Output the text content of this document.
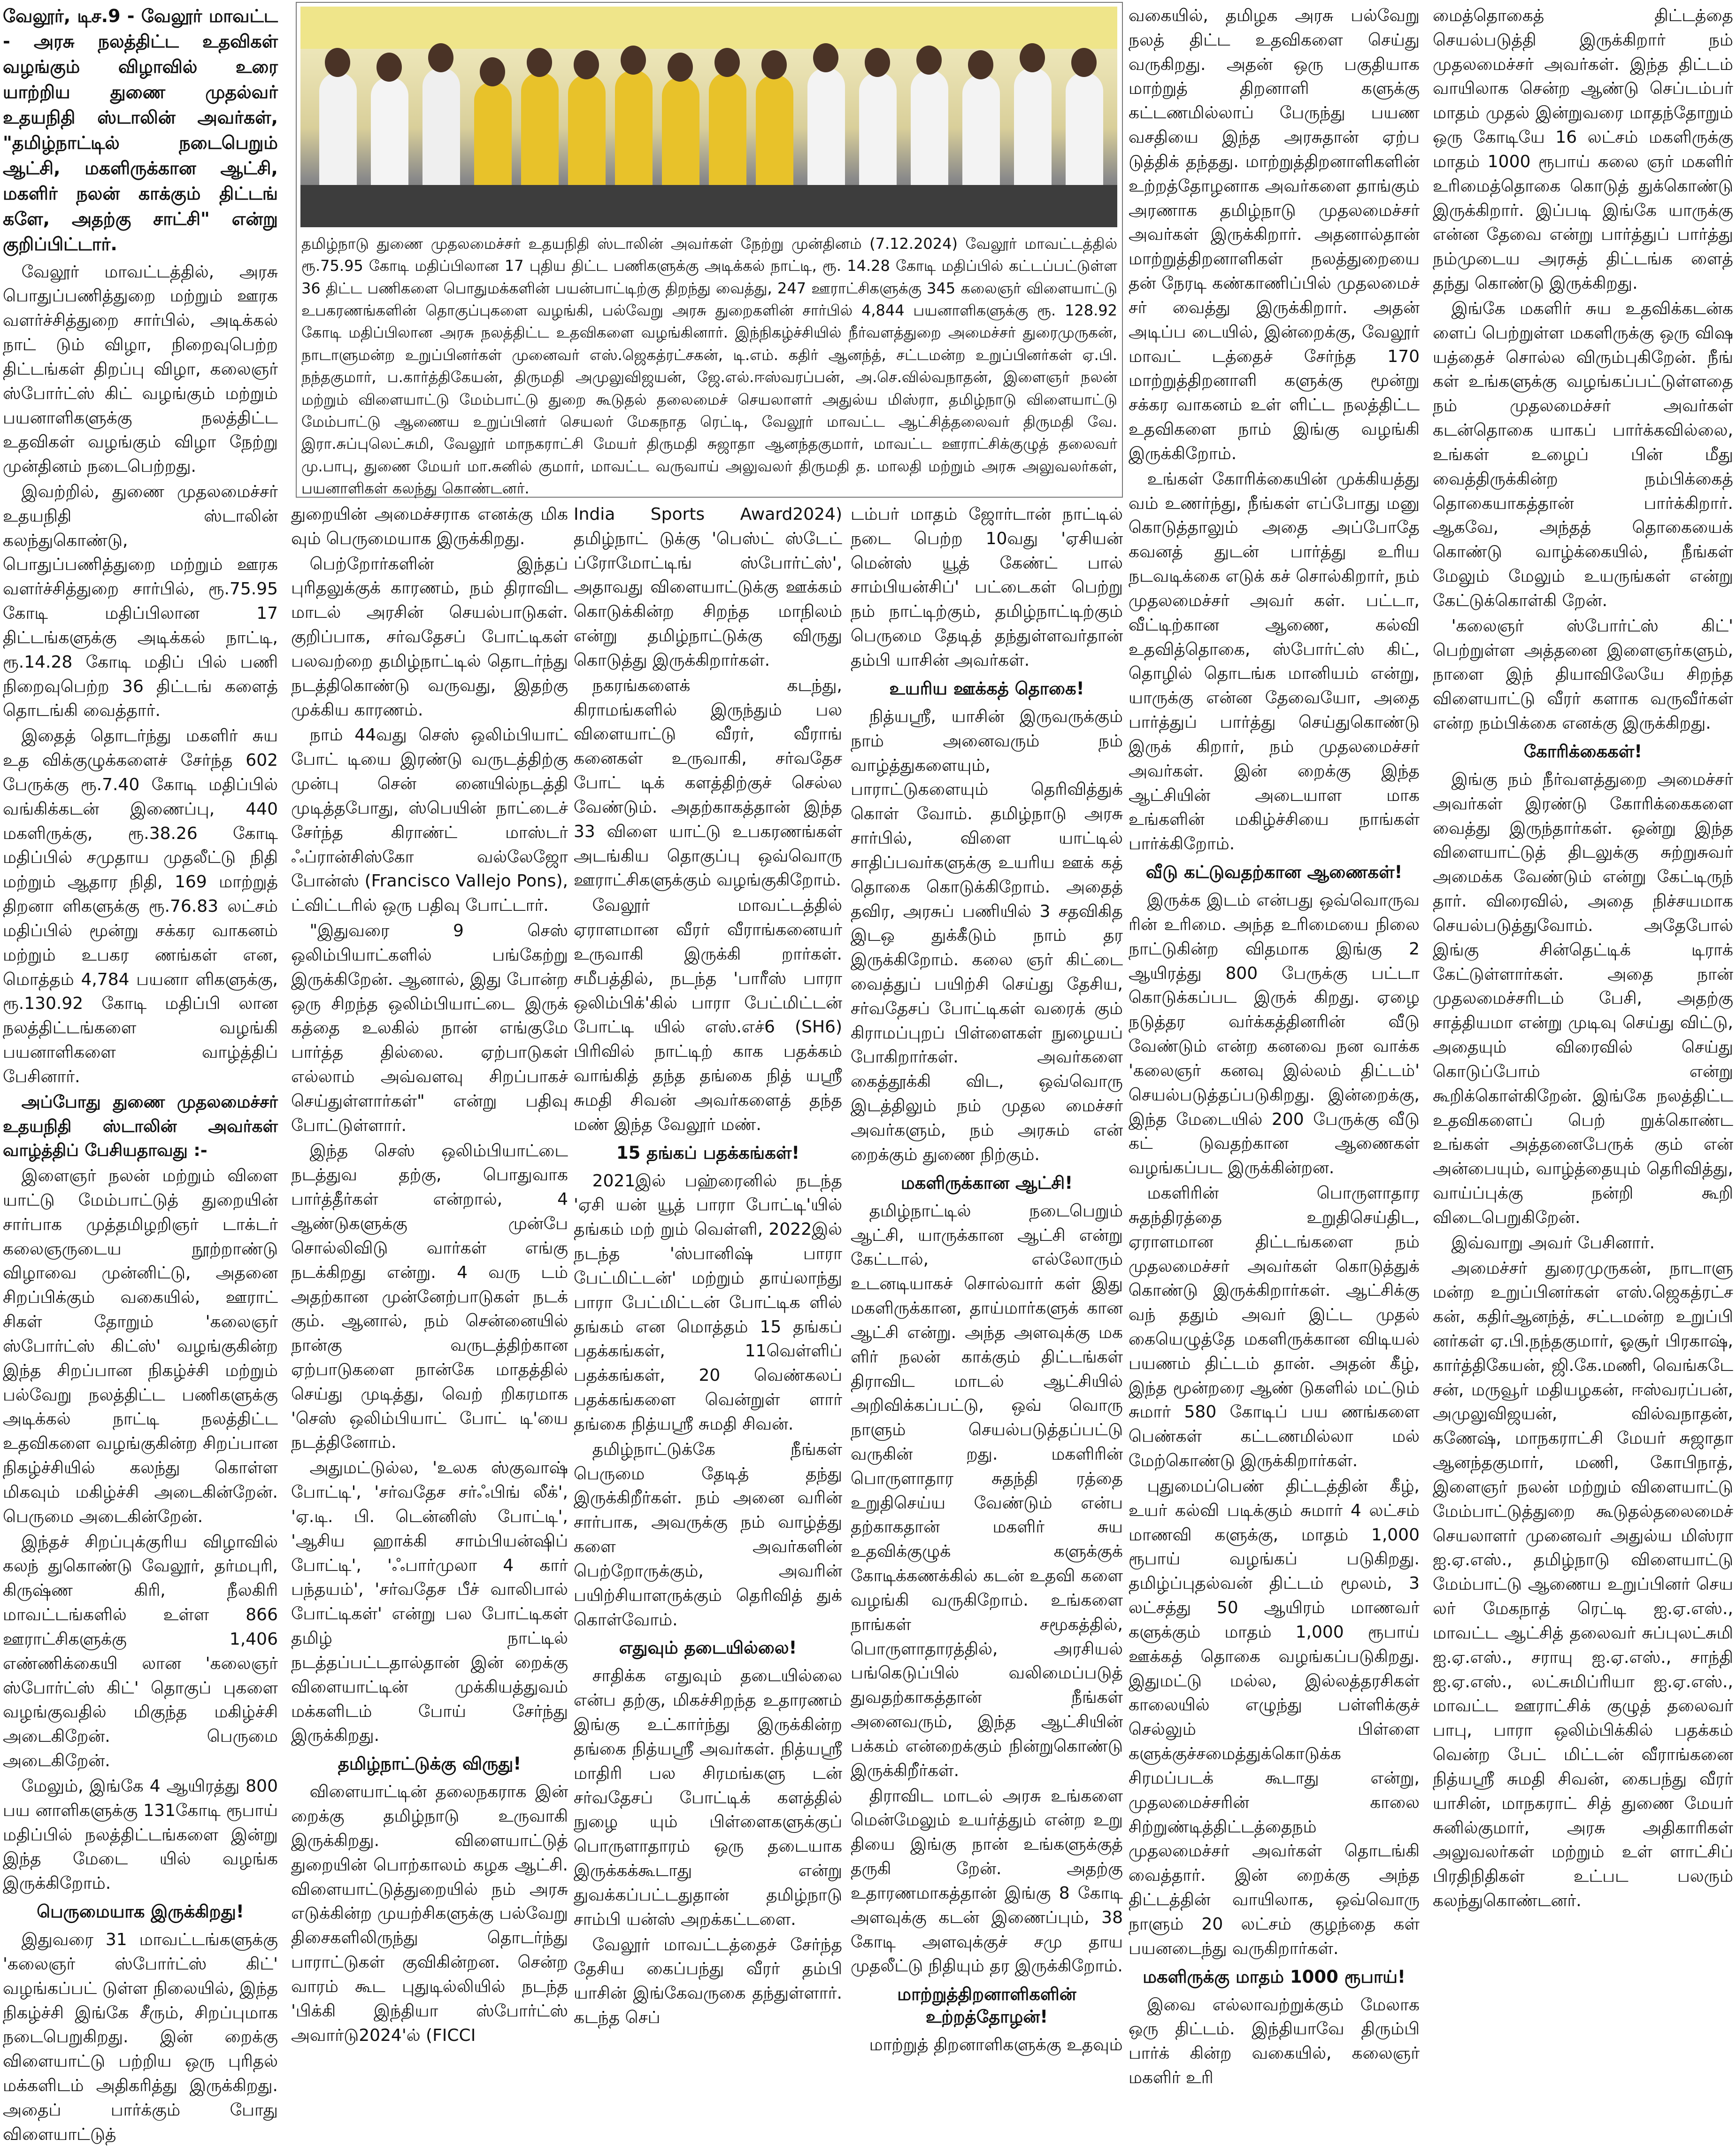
வேலூர், டிச.9 - வேலூர் மாவட்ட - அரசு நலத்திட்ட உதவிகள் வழங்கும் விழாவில் உரை யாற்றிய துணை முதல்வர் உதயநிதி ஸ்டாலின் அவர்கள், "தமிழ்நாட்டில் நடைபெறும் ஆட்சி, மகளிருக்கான ஆட்சி, மகளிர் நலன் காக்கும் திட்டங் களே, அதற்கு சாட்சி" என்று குறிப்பிட்டார்.

வேலூர் மாவட்டத்தில், அரசு பொதுப்பணித்துறை மற்றும் ஊரக வளர்ச்சித்துறை சார்பில், அடிக்கல் நாட் டும் விழா, நிறைவுபெற்ற திட்டங்கள் திறப்பு விழா, கலைஞர் ஸ்போர்ட்ஸ் கிட் வழங்கும் மற்றும் பயனாளிகளுக்கு நலத்திட்ட உதவிகள் வழங்கும் விழா நேற்று முன்தினம் நடைபெற்றது.

இவற்றில், துணை முதலமைச்சர் உதயநிதி ஸ்டாலின் கலந்துகொண்டு, பொதுப்பணித்துறை மற்றும் ஊரக வளர்ச்சித்துறை சார்பில், ரூ.75.95 கோடி மதிப்பிலான 17 திட்டங்களுக்கு அடிக்கல் நாட்டி, ரூ.14.28 கோடி மதிப் பில் பணி நிறைவுபெற்ற 36 திட்டங் களைத் தொடங்கி வைத்தார்.

இதைத் தொடர்ந்து மகளிர் சுய உத விக்குழுக்களைச் சேர்ந்த 602 பேருக்கு ரூ.7.40 கோடி மதிப்பில் வங்கிக்கடன் இணைப்பு, 440 மகளிருக்கு, ரூ.38.26 கோடி மதிப்பில் சமுதாய முதலீட்டு நிதி மற்றும் ஆதார நிதி, 169 மாற்றுத் திறனா ளிகளுக்கு ரூ.76.83 லட்சம் மதிப்பில் மூன்று சக்கர வாகனம் மற்றும் உபகர ணங்கள் என, மொத்தம் 4,784 பயனா ளிகளுக்கு, ரூ.130.92 கோடி மதிப்பி லான நலத்திட்டங்களை வழங்கி பயனாளிகளை வாழ்த்திப் பேசினார்.

அப்போது துணை முதலமைச்சர் உதயநிதி ஸ்டாலின் அவர்கள் வாழ்த்திப் பேசியதாவது :-

இளைஞர் நலன் மற்றும் விளை யாட்டு மேம்பாட்டுத் துறையின் சார்பாக முத்தமிழறிஞர் டாக்டர் கலைஞருடைய நூற்றாண்டு விழாவை முன்னிட்டு, அதனை சிறப்பிக்கும் வகையில், ஊராட் சிகள் தோறும் 'கலைஞர் ஸ்போர்ட்ஸ் கிட்ஸ்' வழங்குகின்ற இந்த சிறப்பான நிகழ்ச்சி மற்றும் பல்வேறு நலத்திட்ட பணிகளுக்கு அடிக்கல் நாட்டி நலத்திட்ட உதவிகளை வழங்குகின்ற சிறப்பான நிகழ்ச்சியில் கலந்து கொள்ள மிகவும் மகிழ்ச்சி அடைகின்றேன். பெருமை அடைகின்றேன்.

இந்தச் சிறப்புக்குரிய விழாவில் கலந் துகொண்டு வேலூர், தர்மபுரி, கிருஷ்ண கிரி, நீலகிரி மாவட்டங்களில் உள்ள 866 ஊராட்சிகளுக்கு 1,406 எண்ணிக்கையி லான 'கலைஞர் ஸ்போர்ட்ஸ் கிட்' தொகுப் புகளை வழங்குவதில் மிகுந்த மகிழ்ச்சி அடைகிறேன். பெருமை அடைகிறேன்.

மேலும், இங்கே 4 ஆயிரத்து 800 பய னாளிகளுக்கு 131கோடி ரூபாய் மதிப்பில் நலத்திட்டங்களை இன்று இந்த மேடை யில் வழங்க இருக்கிறோம்.

பெருமையாக இருக்கிறது!

இதுவரை 31 மாவட்டங்களுக்கு 'கலைஞர் ஸ்போர்ட்ஸ் கிட்' வழங்கப்பட் டுள்ள நிலையில், இந்த நிகழ்ச்சி இங்கே சீரும், சிறப்புமாக நடைபெறுகிறது. இன் றைக்கு விளையாட்டு பற்றிய ஒரு புரிதல் மக்களிடம் அதிகரித்து இருக்கிறது. அதைப் பார்க்கும் போது விளையாட்டுத்

தமிழ்நாடு துணை முதலமைச்சர் உதயநிதி ஸ்டாலின் அவர்கள் நேற்று முன்தினம் (7.12.2024) வேலூர் மாவட்டத்தில் ரூ.75.95 கோடி மதிப்பிலான 17 புதிய திட்ட பணிகளுக்கு அடிக்கல் நாட்டி, ரூ. 14.28 கோடி மதிப்பில் கட்டப்பட்டுள்ள 36 திட்ட பணிகளை பொதுமக்களின் பயன்பாட்டிற்கு திறந்து வைத்து, 247 ஊராட்சிகளுக்கு 345 கலைஞர் விளையாட்டு உபகரணங்களின் தொகுப்புகளை வழங்கி, பல்வேறு அரசு துறைகளின் சார்பில் 4,844 பயனாளிகளுக்கு ரூ. 128.92 கோடி மதிப்பிலான அரசு நலத்திட்ட உதவிகளை வழங்கினார். இந்நிகழ்ச்சியில் நீர்வளத்துறை அமைச்சர் துரைமுருகன், நாடாளுமன்ற உறுப்பினர்கள் முனைவர் எஸ்.ஜெகத்ரட்சகன், டி.எம். கதிர் ஆனந்த், சட்டமன்ற உறுப்பினர்கள் ஏ.பி. நந்தகுமார், ப.கார்த்திகேயன், திருமதி அமுலுவிஜயன், ஜே.எல்.ஈஸ்வரப்பன், அ.செ.வில்வநாதன், இளைஞர் நலன் மற்றும் விளையாட்டு மேம்பாட்டு துறை கூடுதல் தலைமைச் செயலாளர் அதுல்ய மிஸ்ரா, தமிழ்நாடு விளையாட்டு மேம்பாட்டு ஆணைய உறுப்பினர் செயலர் மேகநாத ரெட்டி, வேலூர் மாவட்ட ஆட்சித்தலைவர் திருமதி வே. இரா.சுப்புலெட்சுமி, வேலூர் மாநகராட்சி மேயர் திருமதி சுஜாதா ஆனந்தகுமார், மாவட்ட ஊராட்சிக்குழுத் தலைவர் மு.பாபு, துணை மேயர் மா.சுனில் குமார், மாவட்ட வருவாய் அலுவலர் திருமதி த. மாலதி மற்றும் அரசு அலுவலர்கள், பயனாளிகள் கலந்து கொண்டனர்.

துறையின் அமைச்சராக எனக்கு மிக வும் பெருமையாக இருக்கிறது.

பெற்றோர்களின் இந்தப் புரிதலுக்குக் காரணம், நம் திராவிட மாடல் அரசின் செயல்பாடுகள். குறிப்பாக, சர்வதேசப் போட்டிகள் பலவற்றை தமிழ்நாட்டில் தொடர்ந்து நடத்திகொண்டு வருவது, இதற்கு முக்கிய காரணம்.

நாம் 44வது செஸ் ஒலிம்பியாட் போட் டியை இரண்டு வருடத்திற்கு முன்பு சென் னையில்நடத்தி முடித்தபோது, ஸ்பெயின் நாட்டைச் சேர்ந்த கிராண்ட் மாஸ்டர் ஃப்ரான்சிஸ்கோ வல்லேஜோ போன்ஸ் (Francisco Vallejo Pons), ட்விட்டரில் ஒரு பதிவு போட்டார்.

"இதுவரை 9 செஸ் ஒலிம்பியாட்களில் பங்கேற்று இருக்கிறேன். ஆனால், இது போன்ற ஒரு சிறந்த ஒலிம்பியாட்டை இருக் கத்தை உலகில் நான் எங்குமே பார்த்த தில்லை. ஏற்பாடுகள் எல்லாம் அவ்வளவு சிறப்பாகச் செய்துள்ளார்கள்" என்று பதிவு போட்டுள்ளார்.

இந்த செஸ் ஒலிம்பியாட்டை நடத்துவ தற்கு, பொதுவாக பார்த்தீர்கள் என்றால், 4 ஆண்டுகளுக்கு முன்பே சொல்லிவிடு வார்கள் எங்கு நடக்கிறது என்று. 4 வரு டம் அதற்கான முன்னேற்பாடுகள் நடக் கும். ஆனால், நம் சென்னையில் நான்கு வருடத்திற்கான ஏற்பாடுகளை நான்கே மாதத்தில் செய்து முடித்து, வெற் றிகரமாக 'செஸ் ஒலிம்பியாட் போட் டி'யை நடத்தினோம்.

அதுமட்டுல்ல, 'உலக ஸ்குவாஷ் போட்டி', 'சர்வதேச சர்ஃபிங் லீக்', 'ஏ.டி. பி. டென்னிஸ் போட்டி', 'ஆசிய ஹாக்கி சாம்பியன்ஷிப் போட்டி', 'ஃபார்முலா 4 கார் பந்தயம்', 'சர்வதேச பீச் வாலிபால் போட்டிகள்' என்று பல போட்டிகள் தமிழ் நாட்டில் நடத்தப்பட்டதால்தான் இன் றைக்கு விளையாட்டின் முக்கியத்துவம் மக்களிடம் போய் சேர்ந்து இருக்கிறது.

தமிழ்நாட்டுக்கு விருது!

விளையாட்டின் தலைநகராக இன் றைக்கு தமிழ்நாடு உருவாகி இருக்கிறது. விளையாட்டுத் துறையின் பொற்காலம் கழக ஆட்சி. விளையாட்டுத்துறையில் நம் அரசு எடுக்கின்ற முயற்சிகளுக்கு பல்வேறு திசைகளிலிருந்து தொடர்ந்து பாராட்டுகள் குவிகின்றன. சென்ற வாரம் கூட புதுடில்லியில் நடந்த 'பிக்கி இந்தியா ஸ்போர்ட்ஸ் அவார்டு2024'ல் (FICCI

India Sports Award2024) தமிழ்நாட் டுக்கு 'பெஸ்ட் ஸ்டேட் ப்ரோமோட்டிங் ஸ்போர்ட்ஸ்', அதாவது விளையாட்டுக்கு ஊக்கம் கொடுக்கின்ற சிறந்த மாநிலம் என்று தமிழ்நாட்டுக்கு விருது கொடுத்து இருக்கிறார்கள்.

நகரங்களைக் கடந்து, கிராமங்களில் இருந்தும் பல விளையாட்டு வீரர், வீராங் கனைகள் உருவாகி, சர்வதேச போட் டிக் களத்திற்குச் செல்ல வேண்டும். அதற்காகத்தான் இந்த 33 விளை யாட்டு உபகரணங்கள் அடங்கிய தொகுப்பு ஒவ்வொரு ஊராட்சிகளுக்கும் வழங்குகிறோம்.

வேலூர் மாவட்டத்தில் ஏராளமான வீரர் வீராங்கனையர் உருவாகி இருக்கி றார்கள். சமீபத்தில், நடந்த 'பாரீஸ் பாரா ஒலிம்பிக்'கில் பாரா பேட்மிட்டன் போட்டி யில் எஸ்.எச்6 (SH6) பிரிவில் நாட்டிற் காக பதக்கம் வாங்கித் தந்த தங்கை நித் யஸ்ரீ சுமதி சிவன் அவர்களைத் தந்த மண் இந்த வேலூர் மண்.

15 தங்கப் பதக்கங்கள்!

2021இல் பஹ்ரைனில் நடந்த 'ஏசி யன் யூத் பாரா போட்டி'யில் தங்கம் மற் றும் வெள்ளி, 2022இல் நடந்த 'ஸ்பானிஷ் பாரா பேட்மிட்டன்' மற்றும் தாய்லாந்து பாரா பேட்மிட்டன் போட்டிக ளில் தங்கம் என மொத்தம் 15 தங்கப் பதக்கங்கள், 11வெள்ளிப் பதக்கங்கள், 20 வெண்கலப் பதக்கங்களை வென்றுள் ளார் தங்கை நித்யஸ்ரீ சுமதி சிவன்.

தமிழ்நாட்டுக்கே நீங்கள் பெருமை தேடித் தந்து இருக்கிறீர்கள். நம் அனை வரின் சார்பாக, அவருக்கு நம் வாழ்த்து களை அவர்களின் பெற்றோருக்கும், அவரின் பயிற்சியாளருக்கும் தெரிவித் துக் கொள்வோம்.

எதுவும் தடையில்லை!

சாதிக்க எதுவும் தடையில்லை என்ப தற்கு, மிகச்சிறந்த உதாரணம் இங்கு உட்கார்ந்து இருக்கின்ற தங்கை நித்யஸ்ரீ அவர்கள். நித்யஸ்ரீ மாதிரி பல சிரமங்களு டன் சர்வதேசப் போட்டிக் களத்தில் நுழை யும் பிள்ளைகளுக்குப் பொருளாதாரம் ஒரு தடையாக இருக்கக்கூடாது என்று துவக்கப்பட்டதுதான் தமிழ்நாடு சாம்பி யன்ஸ் அறக்கட்டளை.

வேலூர் மாவட்டத்தைச் சேர்ந்த தேசிய கைப்பந்து வீரர் தம்பி யாசின் இங்கேவருகை தந்துள்ளார். கடந்த செப்

டம்பர் மாதம் ஜோர்டான் நாட்டில் நடை பெற்ற 10வது 'ஏசியன் மென்ஸ் யூத் கேண்ட் பால் சாம்பியன்சிப்' பட்டைகள் பெற்று நம் நாட்டிற்கும், தமிழ்நாட்டிற்கும் பெருமை தேடித் தந்துள்ளவர்தான் தம்பி யாசின் அவர்கள்.

உயரிய ஊக்கத் தொகை!

நித்யஸ்ரீ, யாசின் இருவருக்கும் நாம் அனைவரும் நம் வாழ்த்துகளையும், பாராட்டுகளையும் தெரிவித்துக் கொள் வோம். தமிழ்நாடு அரசு சார்பில், விளை யாட்டில் சாதிப்பவர்களுக்கு உயரிய ஊக் கத் தொகை கொடுக்கிறோம். அதைத் தவிர, அரசுப் பணியில் 3 சதவிகித இடஒ துக்கீடும் நாம் தர இருக்கிறோம். கலை ஞர் கிட்டை வைத்துப் பயிற்சி செய்து தேசிய, சர்வதேசப் போட்டிகள் வரைக் கும் கிராமப்புறப் பிள்ளைகள் நுழையப் போகிறார்கள். அவர்களை கைத்தூக்கி விட, ஒவ்வொரு இடத்திலும் நம் முதல மைச்சர் அவர்களும், நம் அரசும் என் றைக்கும் துணை நிற்கும்.

மகளிருக்கான ஆட்சி!

தமிழ்நாட்டில் நடைபெறும் ஆட்சி, யாருக்கான ஆட்சி என்று கேட்டால், எல்லோரும் உடனடியாகச் சொல்வார் கள் இது மகளிருக்கான, தாய்மார்களுக் கான ஆட்சி என்று. அந்த அளவுக்கு மக ளிர் நலன் காக்கும் திட்டங்கள் திராவிட மாடல் ஆட்சியில் அறிவிக்கப்பட்டு, ஒவ் வொரு நாளும் செயல்படுத்தப்பட்டு வருகின் றது. மகளிரின் பொருளாதார சுதந்தி ரத்தை உறுதிசெய்ய வேண்டும் என்ப தற்காகதான் மகளிர் சுய உதவிக்குழுக் களுக்குக் கோடிக்கணக்கில் கடன் உதவி களை வழங்கி வருகிறோம். உங்களை நாங்கள் சமூகத்தில், பொருளாதாரத்தில், அரசியல் பங்கெடுப்பில் வலிமைப்படுத் துவதற்காகத்தான் நீங்கள் அனைவரும், இந்த ஆட்சியின் பக்கம் என்றைக்கும் நின்றுகொண்டு இருக்கிறீர்கள்.

திராவிட மாடல் அரசு உங்களை மென்மேலும் உயர்த்தும் என்ற உறு தியை இங்கு நான் உங்களுக்குத் தருகி றேன். அதற்கு உதாரணமாகத்தான் இங்கு 8 கோடி அளவுக்கு கடன் இணைப்பும், 38 கோடி அளவுக்குச் சமு தாய முதலீட்டு நிதியும் தர இருக்கிறோம்.

மாற்றுத்திறனாளிகளின் உற்றத்தோழன்!

மாற்றுத் திறனாளிகளுக்கு உதவும்

வகையில், தமிழக அரசு பல்வேறு நலத் திட்ட உதவிகளை செய்து வருகிறது. அதன் ஒரு பகுதியாக மாற்றுத் திறனாளி களுக்கு கட்டணமில்லாப் பேருந்து பயண வசதியை இந்த அரசுதான் ஏற்ப டுத்திக் தந்தது. மாற்றுத்திறனாளிகளின் உற்றத்தோழனாக அவர்களை தாங்கும் அரணாக தமிழ்நாடு முதலமைச்சர் அவர்கள் இருக்கிறார். அதனால்தான் மாற்றுத்திறனாளிகள் நலத்துறையை தன் நேரடி கண்காணிப்பில் முதலமைச் சர் வைத்து இருக்கிறார். அதன் அடிப்ப டையில், இன்றைக்கு, வேலூர் மாவட் டத்தைச் சேர்ந்த 170 மாற்றுத்திறனாளி களுக்கு மூன்று சக்கர வாகனம் உள் ளிட்ட நலத்திட்ட உதவிகளை நாம் இங்கு வழங்கி இருக்கிறோம்.

உங்கள் கோரிக்கையின் முக்கியத்து வம் உணர்ந்து, நீங்கள் எப்போது மனு கொடுத்தாலும் அதை அப்போதே கவனத் துடன் பார்த்து உரிய நடவடிக்கை எடுக் கச் சொல்கிறார், நம் முதலமைச்சர் அவர் கள். பட்டா, வீட்டிற்கான ஆணை, கல்வி உதவித்தொகை, ஸ்போர்ட்ஸ் கிட், தொழில் தொடங்க மானியம் என்று, யாருக்கு என்ன தேவையோ, அதை பார்த்துப் பார்த்து செய்துகொண்டு இருக் கிறார், நம் முதலமைச்சர் அவர்கள். இன் றைக்கு இந்த ஆட்சியின் அடையாள மாக உங்களின் மகிழ்ச்சியை நாங்கள் பார்க்கிறோம்.

வீடு கட்டுவதற்கான ஆணைகள்!

இருக்க இடம் என்பது ஒவ்வொருவ ரின் உரிமை. அந்த உரிமையை நிலை நாட்டுகின்ற விதமாக இங்கு 2 ஆயிரத்து 800 பேருக்கு பட்டா கொடுக்கப்பட இருக் கிறது. ஏழை நடுத்தர வர்க்கத்தினரின் வீடு வேண்டும் என்ற கனவை நன வாக்க 'கலைஞர் கனவு இல்லம் திட்டம்' செயல்படுத்தப்படுகிறது. இன்றைக்கு, இந்த மேடையில் 200 பேருக்கு வீடு கட் டுவதற்கான ஆணைகள் வழங்கப்பட இருக்கின்றன.

மகளிரின் பொருளாதார சுதந்திரத்தை உறுதிசெய்திட, ஏராளமான திட்டங்களை நம் முதலமைச்சர் அவர்கள் கொடுத்துக் கொண்டு இருக்கிறார்கள். ஆட்சிக்கு வந் ததும் அவர் இட்ட முதல் கையெழுத்தே மகளிருக்கான விடியல் பயணம் திட்டம் தான். அதன் கீழ், இந்த மூன்றரை ஆண் டுகளில் மட்டும் சுமார் 580 கோடிப் பய ணங்களை பெண்கள் கட்டணமில்லா மல் மேற்கொண்டு இருக்கிறார்கள்.

புதுமைப்பெண் திட்டத்தின் கீழ், உயர் கல்வி படிக்கும் சுமார் 4 லட்சம் மாணவி களுக்கு, மாதம் 1,000 ரூபாய் வழங்கப் படுகிறது. தமிழ்ப்புதல்வன் திட்டம் மூலம், 3 லட்சத்து 50 ஆயிரம் மாணவர் களுக்கும் மாதம் 1,000 ரூபாய் ஊக்கத் தொகை வழங்கப்படுகிறது. இதுமட்டு மல்ல, இல்லத்தரசிகள் காலையில் எழுந்து பள்ளிக்குச் செல்லும் பிள்ளை களுக்குச்சமைத்துக்கொடுக்க சிரமப்படக் கூடாது என்று, முதலமைச்சரின் காலை சிற்றுண்டித்திட்டத்தைநம் முதலமைச்சர் அவர்கள் தொடங்கி வைத்தார். இன் றைக்கு அந்த திட்டத்தின் வாயிலாக, ஒவ்வொரு நாளும் 20 லட்சம் குழந்தை கள் பயனடைந்து வருகிறார்கள்.

மகளிருக்கு மாதம் 1000 ரூபாய்!

இவை எல்லாவற்றுக்கும் மேலாக ஒரு திட்டம். இந்தியாவே திரும்பி பார்க் கின்ற வகையில், கலைஞர் மகளிர் உரி

மைத்தொகைத் திட்டத்தை செயல்படுத்தி இருக்கிறார் நம் முதலமைச்சர் அவர்கள். இந்த திட்டம் வாயிலாக சென்ற ஆண்டு செப்டம்பர் மாதம் முதல் இன்றுவரை மாதந்தோறும் ஒரு கோடியே 16 லட்சம் மகளிருக்கு மாதம் 1000 ரூபாய் கலை ஞர் மகளிர் உரிமைத்தொகை கொடுத் துக்கொண்டு இருக்கிறார். இப்படி இங்கே யாருக்கு என்ன தேவை என்று பார்த்துப் பார்த்து நம்முடைய அரசுத் திட்டங்க ளைத் தந்து கொண்டு இருக்கிறது.

இங்கே மகளிர் சுய உதவிக்கடன்க ளைப் பெற்றுள்ள மகளிருக்கு ஒரு விஷ யத்தைச் சொல்ல விரும்புகிறேன். நீங் கள் உங்களுக்கு வழங்கப்பட்டுள்ளதை நம் முதலமைச்சர் அவர்கள் கடன்தொகை யாகப் பார்க்கவில்லை, உங்கள் உழைப் பின் மீது வைத்திருக்கின்ற நம்பிக்கைத் தொகையாகத்தான் பார்க்கிறார். ஆகவே, அந்தத் தொகையைக் கொண்டு வாழ்க்கையில், நீங்கள் மேலும் மேலும் உயருங்கள் என்று கேட்டுக்கொள்கி றேன்.

'கலைஞர் ஸ்போர்ட்ஸ் கிட்' பெற்றுள்ள அத்தனை இளைஞர்களும், நாளை இந் தியாவிலேயே சிறந்த விளையாட்டு வீரர் களாக வருவீர்கள் என்ற நம்பிக்கை எனக்கு இருக்கிறது.

கோரிக்கைகள்!

இங்கு நம் நீர்வளத்துறை அமைச்சர் அவர்கள் இரண்டு கோரிக்கைகளை வைத்து இருந்தார்கள். ஒன்று இந்த விளையாட்டுத் திடலுக்கு சுற்றுசுவர் அமைக்க வேண்டும் என்று கேட்டிருந் தார். விரைவில், அதை நிச்சயமாக செயல்படுத்துவோம். அதேபோல் இங்கு சின்தெட்டிக் டிராக் கேட்டுள்ளார்கள். அதை நான் முதலமைச்சரிடம் பேசி, அதற்கு சாத்தியமா என்று முடிவு செய்து விட்டு, அதையும் விரைவில் செய்து கொடுப்போம் என்று கூறிக்கொள்கிறேன். இங்கே நலத்திட்ட உதவிகளைப் பெற் றுக்கொண்ட உங்கள் அத்தனைபேருக் கும் என் அன்பையும், வாழ்த்தையும் தெரிவித்து, வாய்ப்புக்கு நன்றி கூறி விடைபெறுகிறேன்.

இவ்வாறு அவர் பேசினார்.

அமைச்சர் துரைமுருகன், நாடாளு மன்ற உறுப்பினர்கள் எஸ்.ஜெகத்ரட்ச கன், கதிர்ஆனந்த், சட்டமன்ற உறுப்பி னர்கள் ஏ.பி.நந்தகுமார், ஓசூர் பிரகாஷ், கார்த்திகேயன், ஜி.கே.மணி, வெங்கடே சன், மருவூர் மதியழகன், ஈஸ்வரப்பன், அமுலுவிஜயன், வில்வநாதன், கணேஷ், மாநகராட்சி மேயர் சுஜாதா ஆனந்தகுமார், மணி, கோபிநாத், இளைஞர் நலன் மற்றும் விளையாட்டு மேம்பாட்டுத்துறை கூடுதல்தலைமைச் செயலாளர் முனைவர் அதுல்ய மிஸ்ரா ஐ.ஏ.எஸ்., தமிழ்நாடு விளையாட்டு மேம்பாட்டு ஆணைய உறுப்பினர் செய லர் மேகநாத் ரெட்டி ஐ.ஏ.எஸ்., மாவட்ட ஆட்சித் தலைவர் சுப்புலட்சுமி ஐ.ஏ.எஸ்., சராயு ஐ.ஏ.எஸ்., சாந்தி ஐ.ஏ.எஸ்., லட்சுமிப்ரியா ஐ.ஏ.எஸ்., மாவட்ட ஊராட்சிக் குழுத் தலைவர் பாபு, பாரா ஒலிம்பிக்கில் பதக்கம் வென்ற பேட் மிட்டன் வீராங்கனை நித்யஸ்ரீ சுமதி சிவன், கைபந்து வீரர் யாசின், மாநகராட் சித் துணை மேயர் சுனில்குமார், அரசு அதிகாரிகள் அலுவலர்கள் மற்றும் உள் ளாட்சிப் பிரதிநிதிகள் உட்பட பலரும் கலந்துகொண்டனர்.
